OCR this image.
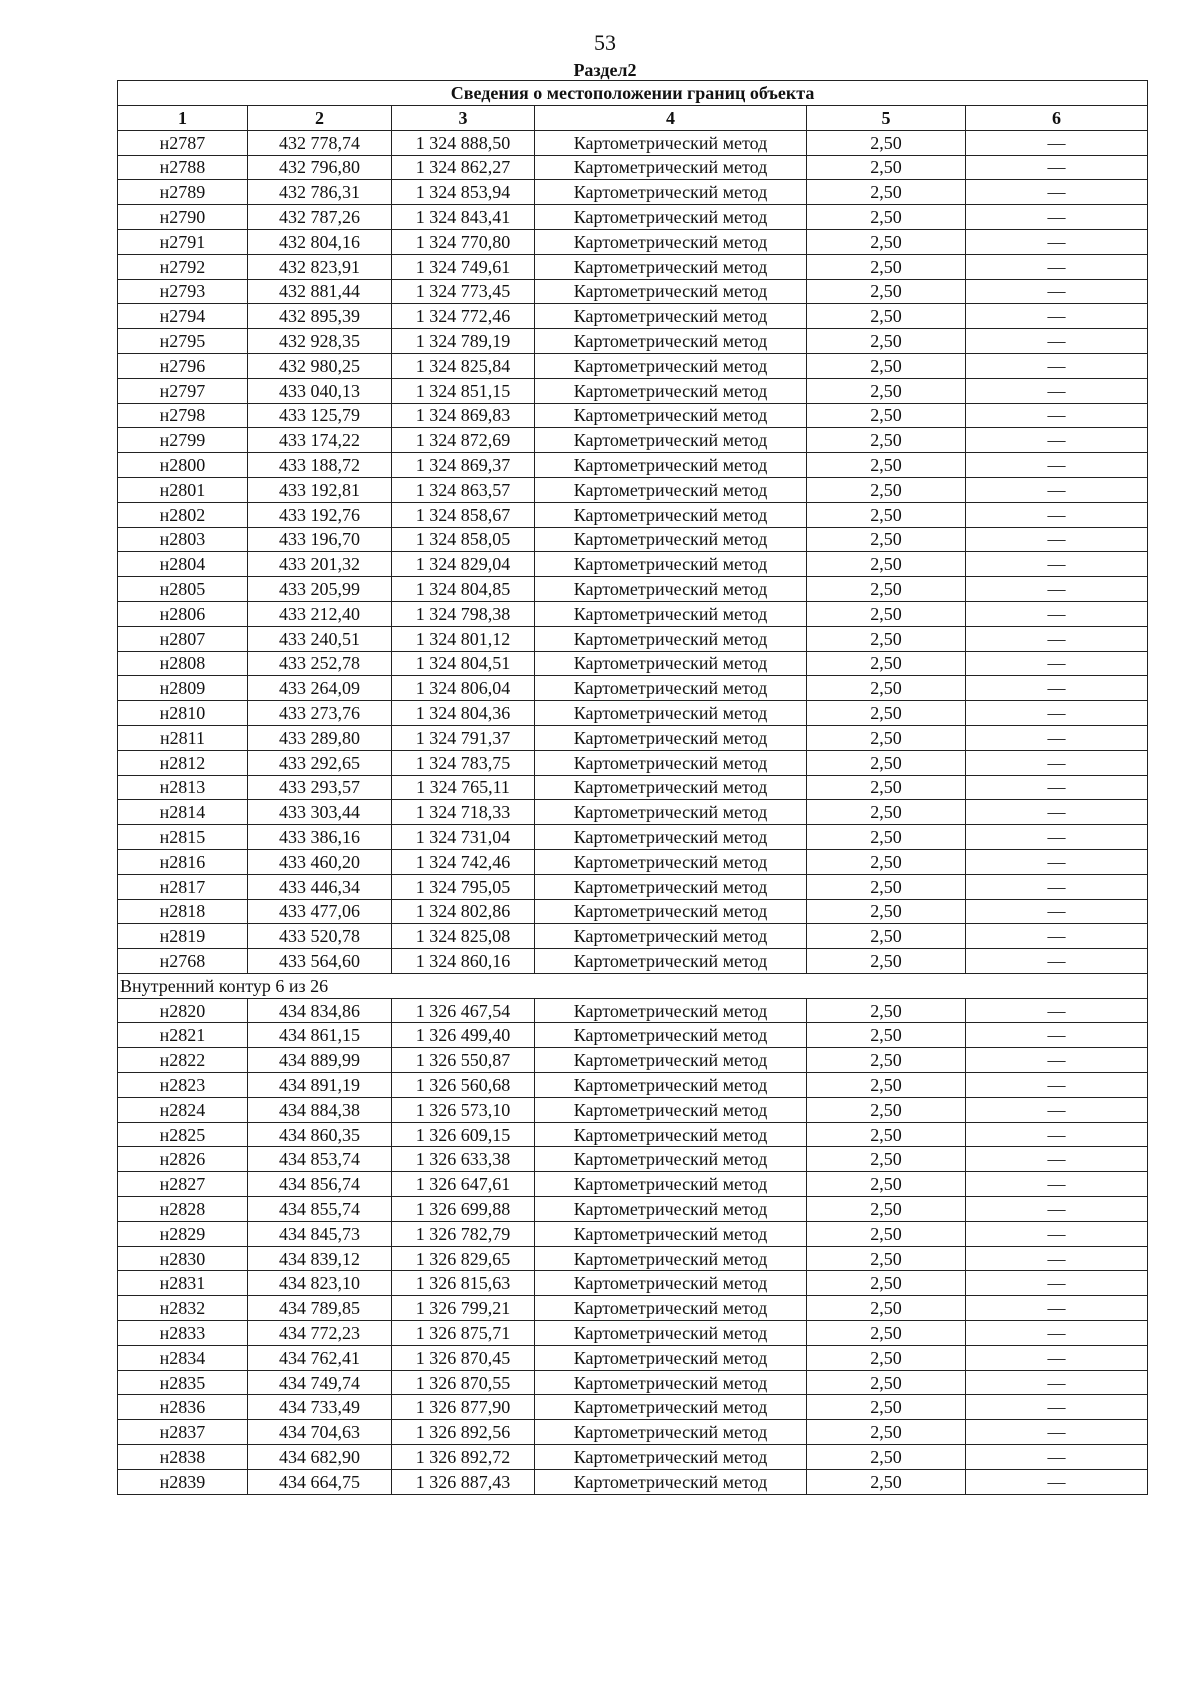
53
Раздел2
Сведения о местоположении границ объекта					
1	2	3	4	5	6
н2787	432 778,74	1 324 888,50	Картометрический метод	2,50	—
н2788	432 796,80	1 324 862,27	Картометрический метод	2,50	—
н2789	432 786,31	1 324 853,94	Картометрический метод	2,50	—
н2790	432 787,26	1 324 843,41	Картометрический метод	2,50	—
н2791	432 804,16	1 324 770,80	Картометрический метод	2,50	—
н2792	432 823,91	1 324 749,61	Картометрический метод	2,50	—
н2793	432 881,44	1 324 773,45	Картометрический метод	2,50	—
н2794	432 895,39	1 324 772,46	Картометрический метод	2,50	—
н2795	432 928,35	1 324 789,19	Картометрический метод	2,50	—
н2796	432 980,25	1 324 825,84	Картометрический метод	2,50	—
н2797	433 040,13	1 324 851,15	Картометрический метод	2,50	—
н2798	433 125,79	1 324 869,83	Картометрический метод	2,50	—
н2799	433 174,22	1 324 872,69	Картометрический метод	2,50	—
н2800	433 188,72	1 324 869,37	Картометрический метод	2,50	—
н2801	433 192,81	1 324 863,57	Картометрический метод	2,50	—
н2802	433 192,76	1 324 858,67	Картометрический метод	2,50	—
н2803	433 196,70	1 324 858,05	Картометрический метод	2,50	—
н2804	433 201,32	1 324 829,04	Картометрический метод	2,50	—
н2805	433 205,99	1 324 804,85	Картометрический метод	2,50	—
н2806	433 212,40	1 324 798,38	Картометрический метод	2,50	—
н2807	433 240,51	1 324 801,12	Картометрический метод	2,50	—
н2808	433 252,78	1 324 804,51	Картометрический метод	2,50	—
н2809	433 264,09	1 324 806,04	Картометрический метод	2,50	—
н2810	433 273,76	1 324 804,36	Картометрический метод	2,50	—
н2811	433 289,80	1 324 791,37	Картометрический метод	2,50	—
н2812	433 292,65	1 324 783,75	Картометрический метод	2,50	—
н2813	433 293,57	1 324 765,11	Картометрический метод	2,50	—
н2814	433 303,44	1 324 718,33	Картометрический метод	2,50	—
н2815	433 386,16	1 324 731,04	Картометрический метод	2,50	—
н2816	433 460,20	1 324 742,46	Картометрический метод	2,50	—
н2817	433 446,34	1 324 795,05	Картометрический метод	2,50	—
н2818	433 477,06	1 324 802,86	Картометрический метод	2,50	—
н2819	433 520,78	1 324 825,08	Картометрический метод	2,50	—
н2768	433 564,60	1 324 860,16	Картометрический метод	2,50	—
Внутренний контур 6 из 26					
н2820	434 834,86	1 326 467,54	Картометрический метод	2,50	—
н2821	434 861,15	1 326 499,40	Картометрический метод	2,50	—
н2822	434 889,99	1 326 550,87	Картометрический метод	2,50	—
н2823	434 891,19	1 326 560,68	Картометрический метод	2,50	—
н2824	434 884,38	1 326 573,10	Картометрический метод	2,50	—
н2825	434 860,35	1 326 609,15	Картометрический метод	2,50	—
н2826	434 853,74	1 326 633,38	Картометрический метод	2,50	—
н2827	434 856,74	1 326 647,61	Картометрический метод	2,50	—
н2828	434 855,74	1 326 699,88	Картометрический метод	2,50	—
н2829	434 845,73	1 326 782,79	Картометрический метод	2,50	—
н2830	434 839,12	1 326 829,65	Картометрический метод	2,50	—
н2831	434 823,10	1 326 815,63	Картометрический метод	2,50	—
н2832	434 789,85	1 326 799,21	Картометрический метод	2,50	—
н2833	434 772,23	1 326 875,71	Картометрический метод	2,50	—
н2834	434 762,41	1 326 870,45	Картометрический метод	2,50	—
н2835	434 749,74	1 326 870,55	Картометрический метод	2,50	—
н2836	434 733,49	1 326 877,90	Картометрический метод	2,50	—
н2837	434 704,63	1 326 892,56	Картометрический метод	2,50	—
н2838	434 682,90	1 326 892,72	Картометрический метод	2,50	—
н2839	434 664,75	1 326 887,43	Картометрический метод	2,50	—
